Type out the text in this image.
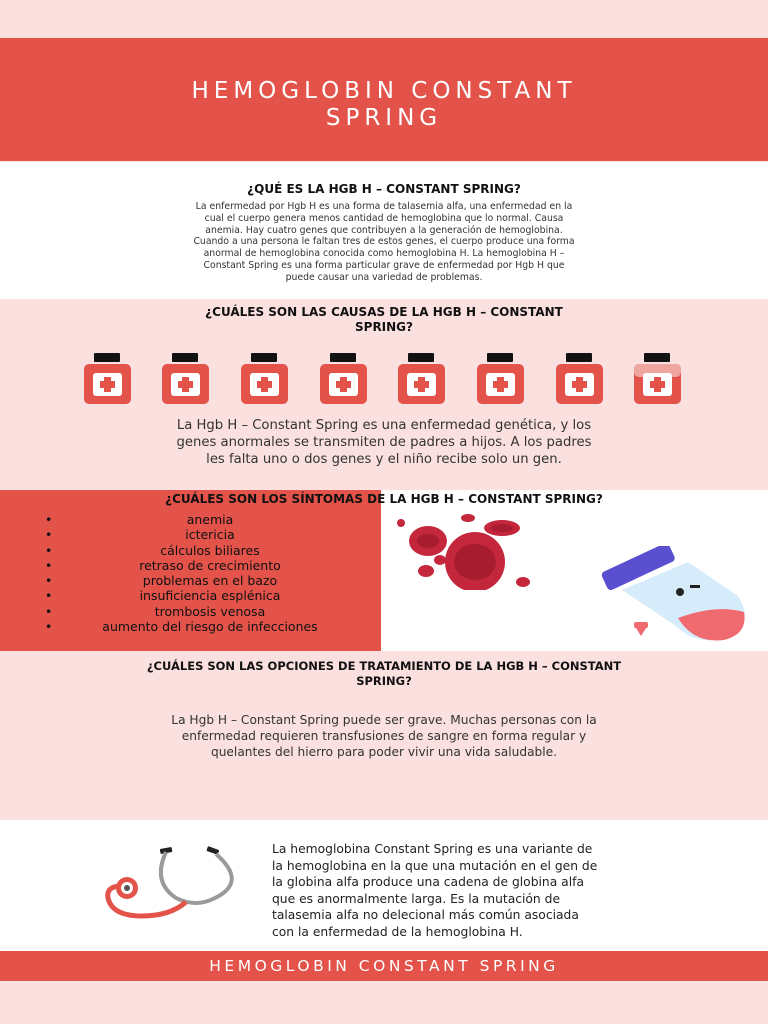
HEMOGLOBIN CONSTANT
SPRING
¿QUÉ ES LA HGB H – CONSTANT SPRING?
La enfermedad por Hgb H es una forma de talasemia alfa, una enfermedad en la
cual el cuerpo genera menos cantidad de hemoglobina que lo normal. Causa
anemia. Hay cuatro genes que contribuyen a la generación de hemoglobina.
Cuando a una persona le faltan tres de estos genes, el cuerpo produce una forma
anormal de hemoglobina conocida como hemoglobina H. La hemoglobina H –
Constant Spring es una forma particular grave de enfermedad por Hgb H que
puede causar una variedad de problemas.
¿CUÁLES SON LAS CAUSAS DE LA HGB H – CONSTANT
SPRING?
La Hgb H – Constant Spring es una enfermedad genética, y los
genes anormales se transmiten de padres a hijos. A los padres
les falta uno o dos genes y el niño recibe solo un gen.
¿CUÁLES SON LOS SÍNTOMAS DE LA HGB H – CONSTANT SPRING?
• anemia
• ictericia
• cálculos biliares
• retraso de crecimiento
• problemas en el bazo
• insuficiencia esplénica
• trombosis venosa
• aumento del riesgo de infecciones
¿CUÁLES SON LAS OPCIONES DE TRATAMIENTO DE LA HGB H – CONSTANT
SPRING?
La Hgb H – Constant Spring puede ser grave. Muchas personas con la
enfermedad requieren transfusiones de sangre en forma regular y
quelantes del hierro para poder vivir una vida saludable.
La hemoglobina Constant Spring es una variante de
la hemoglobina en la que una mutación en el gen de
la globina alfa produce una cadena de globina alfa
que es anormalmente larga. Es la mutación de
talasemia alfa no delecional más común asociada
con la enfermedad de la hemoglobina H.
HEMOGLOBIN CONSTANT SPRING
